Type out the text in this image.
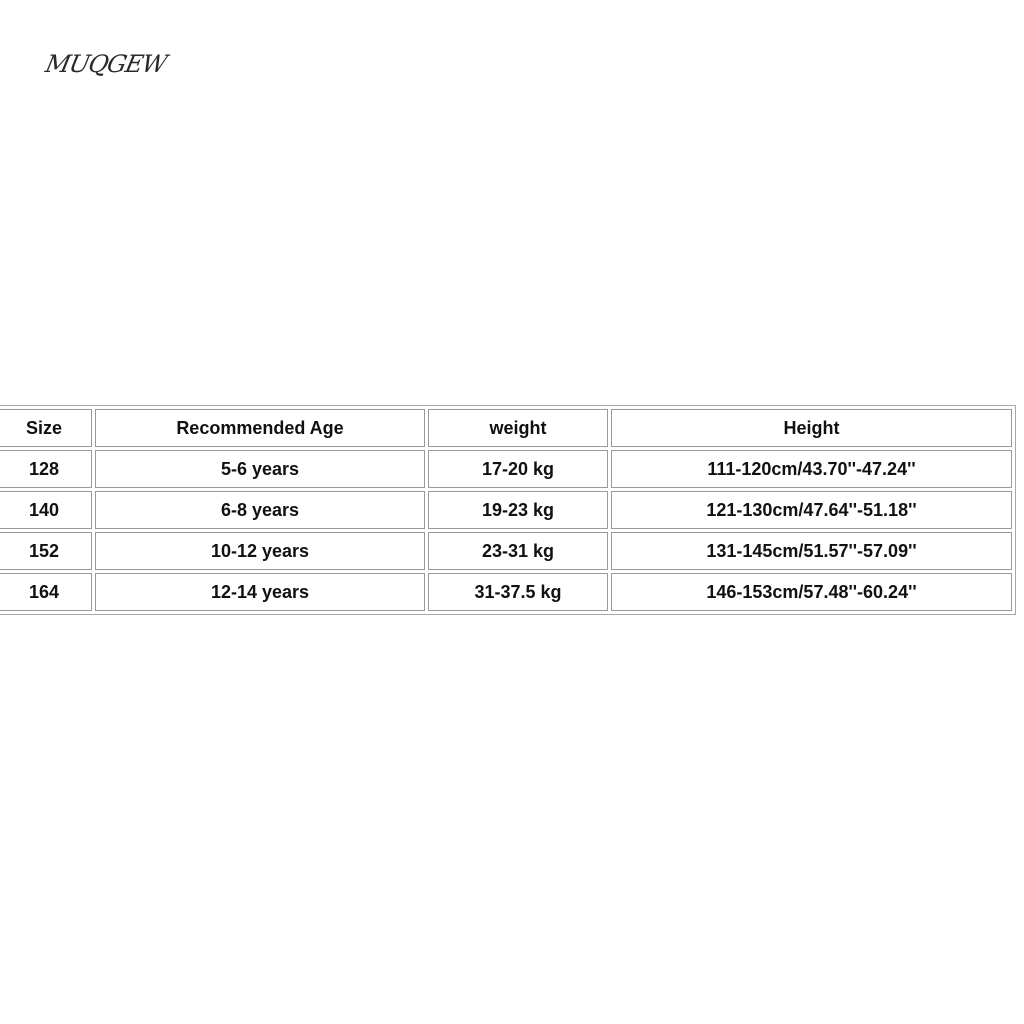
MUQGEW
Size	Recommended Age	weight	Height
128	5-6 years	17-20 kg	111-120cm/43.70''-47.24''
140	6-8 years	19-23 kg	121-130cm/47.64''-51.18''
152	10-12 years	23-31 kg	131-145cm/51.57''-57.09''
164	12-14 years	31-37.5 kg	146-153cm/57.48''-60.24''
